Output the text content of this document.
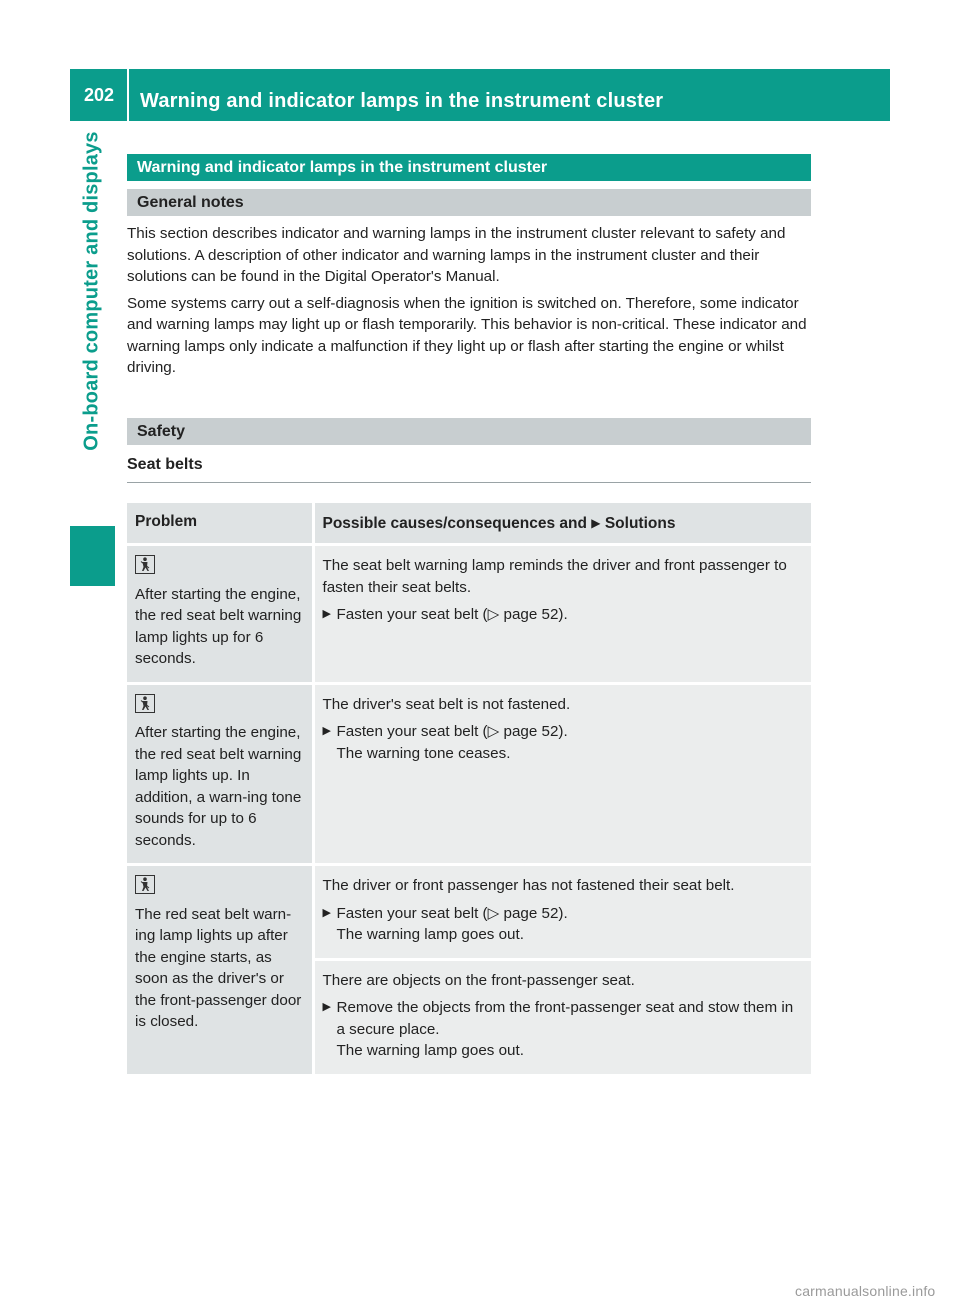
202	Warning and indicator lamps in the instrument cluster
On-board computer and displays	Warning and indicator lamps in the instrument cluster
General notes

This section describes indicator and warning lamps in the instrument cluster relevant to safety and solutions. A description of other indicator and warning lamps in the instrument cluster and their solutions can be found in the Digital Operator's Manual.

Some systems carry out a self-diagnosis when the ignition is switched on. Therefore, some indicator and warning lamps may light up or flash temporarily. This behavior is non-critical. These indicator and warning lamps only indicate a malfunction if they light up or flash after starting the engine or whilst driving.

Safety
Seat belts
Problem	Possible causes/consequences and ▶ Solutions

After starting the engine, the red seat belt warning lamp lights up for 6 seconds.	The seat belt warning lamp reminds the driver and front passenger to fasten their seat belts.
▶ Fasten your seat belt (▷ page 52).

After starting the engine, the red seat belt warning lamp lights up. In addition, a warn-ing tone sounds for up to 6 seconds.	The driver's seat belt is not fastened.
▶ Fasten your seat belt (▷ page 52).
The warning tone ceases.

The red seat belt warn-ing lamp lights up after the engine starts, as soon as the driver's or the front-passenger door is closed.	The driver or front passenger has not fastened their seat belt.
▶ Fasten your seat belt (▷ page 52).
The warning lamp goes out.

	There are objects on the front-passenger seat.
▶ Remove the objects from the front-passenger seat and stow them in a secure place.
The warning lamp goes out.
carmanualsonline.info
